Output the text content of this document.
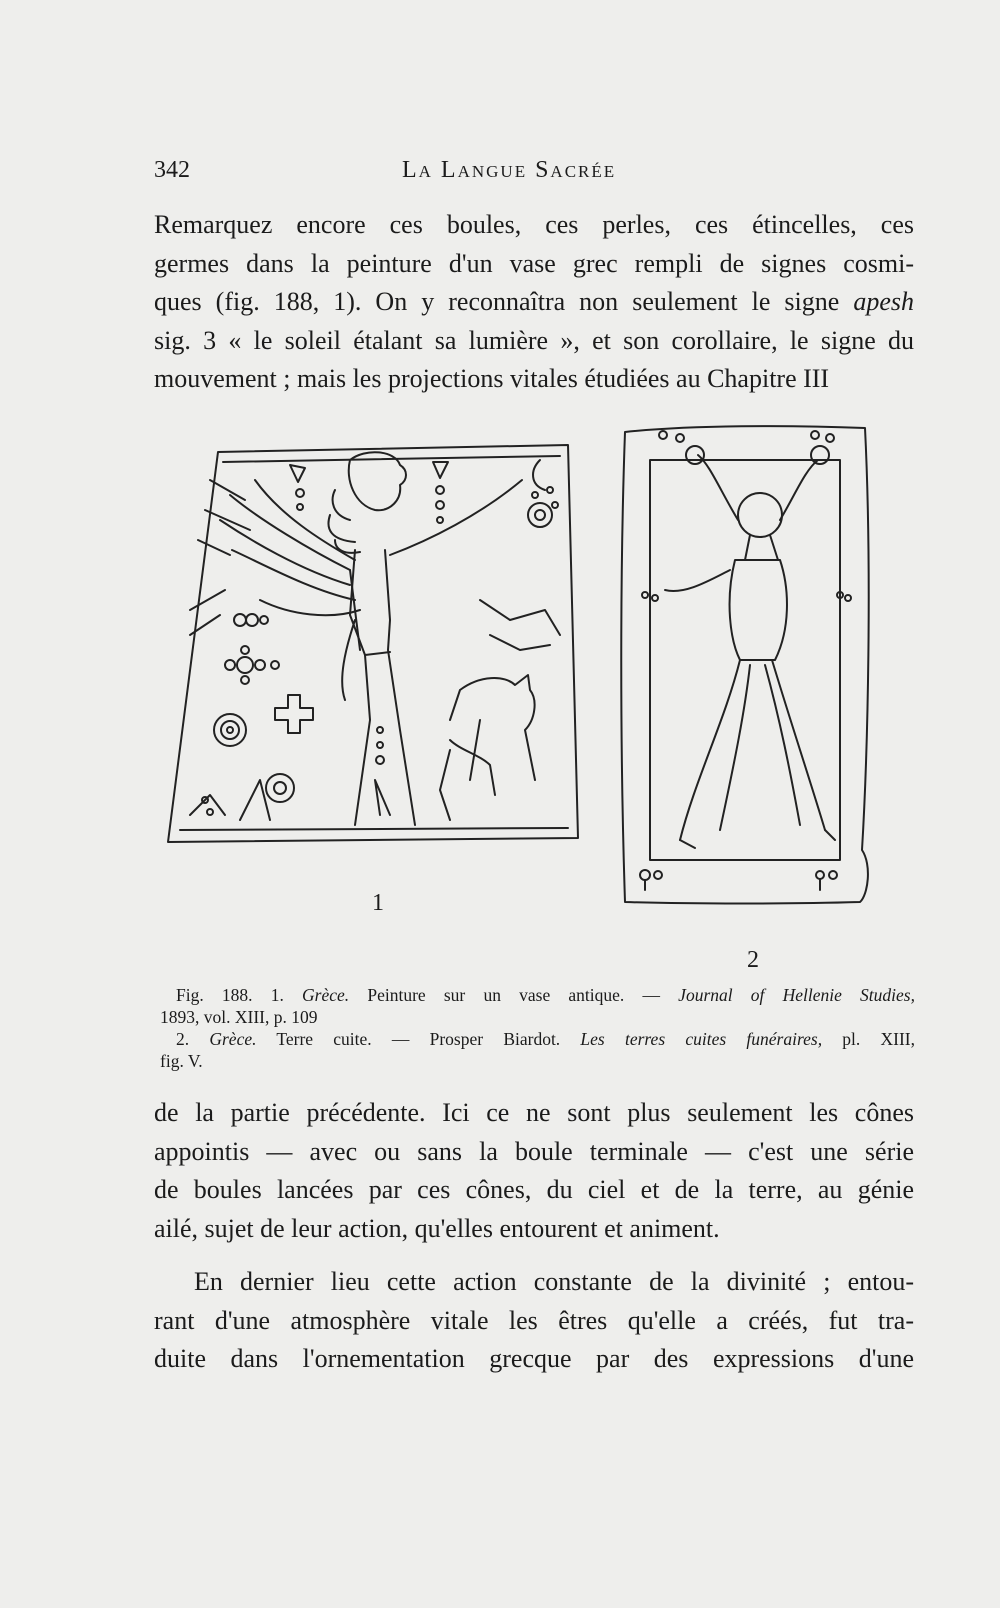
342	La Langue Sacrée

Remarquez encore ces boules, ces perles, ces étincelles, ces
germes dans la peinture d'un vase grec rempli de signes cosmi-
ques (fig. 188, 1). On y reconnaîtra non seulement le signe apesh
sig. 3 « le soleil étalant sa lumière », et son corollaire, le signe du
mouvement ; mais les projections vitales étudiées au Chapitre III

1
2
Fig. 188. 1. Grèce. Peinture sur un vase antique. — Journal of Hellenie Studies,
1893, vol. XIII, p. 109
2. Grèce. Terre cuite. — Prosper Biardot. Les terres cuites funéraires, pl. XIII,
fig. V.

de la partie précédente. Ici ce ne sont plus seulement les cônes
appointis — avec ou sans la boule terminale — c'est une série
de boules lancées par ces cônes, du ciel et de la terre, au génie
ailé, sujet de leur action, qu'elles entourent et animent.

En dernier lieu cette action constante de la divinité ; entou-
rant d'une atmosphère vitale les êtres qu'elle a créés, fut tra-
duite dans l'ornementation grecque par des expressions d'une
